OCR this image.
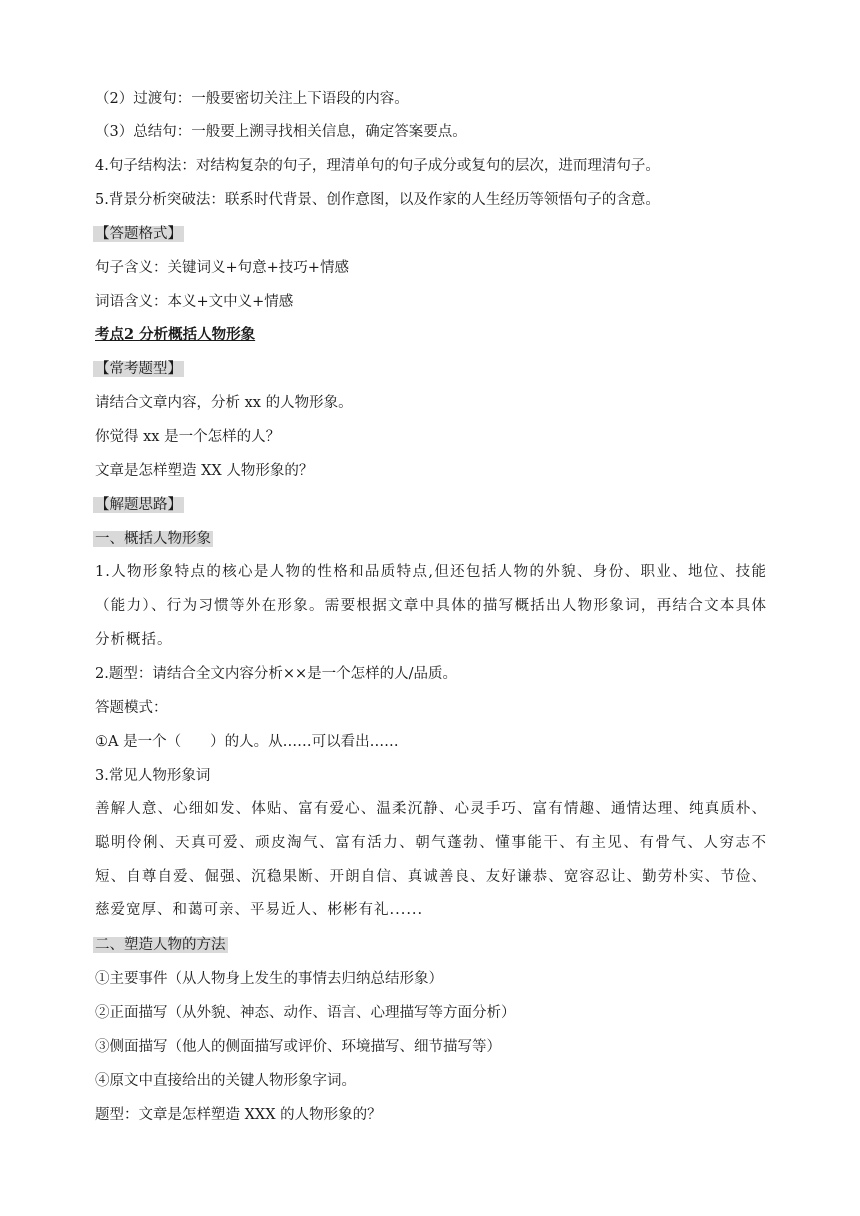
（2）过渡句：一般要密切关注上下语段的内容。
（3）总结句：一般要上溯寻找相关信息，确定答案要点。
4.句子结构法：对结构复杂的句子，理清单句的句子成分或复句的层次，进而理清句子。
5.背景分析突破法：联系时代背景、创作意图，以及作家的人生经历等领悟句子的含意。
【答题格式】
句子含义：关键词义+句意+技巧+情感
词语含义：本义+文中义+情感
考点2 分析概括人物形象
【常考题型】
请结合文章内容，分析 xx 的人物形象。
你觉得 xx 是一个怎样的人？
文章是怎样塑造 XX 人物形象的？
【解题思路】
一、概括人物形象
1.人物形象特点的核心是人物的性格和品质特点,但还包括人物的外貌、身份、职业、地位、技能（能力）、行为习惯等外在形象。需要根据文章中具体的描写概括出人物形象词，再结合文本具体分析概括。
2.题型：请结合全文内容分析××是一个怎样的人/品质。
答题模式：
①A 是一个（　　）的人。从……可以看出……
3.常见人物形象词
善解人意、心细如发、体贴、富有爱心、温柔沉静、心灵手巧、富有情趣、通情达理、纯真质朴、聪明伶俐、天真可爱、顽皮淘气、富有活力、朝气蓬勃、懂事能干、有主见、有骨气、人穷志不短、自尊自爱、倔强、沉稳果断、开朗自信、真诚善良、友好谦恭、宽容忍让、勤劳朴实、节俭、慈爱宽厚、和蔼可亲、平易近人、彬彬有礼......
二、塑造人物的方法
①主要事件（从人物身上发生的事情去归纳总结形象）
②正面描写（从外貌、神态、动作、语言、心理描写等方面分析）
③侧面描写（他人的侧面描写或评价、环境描写、细节描写等）
④原文中直接给出的关键人物形象字词。
题型：文章是怎样塑造 XXX 的人物形象的？
